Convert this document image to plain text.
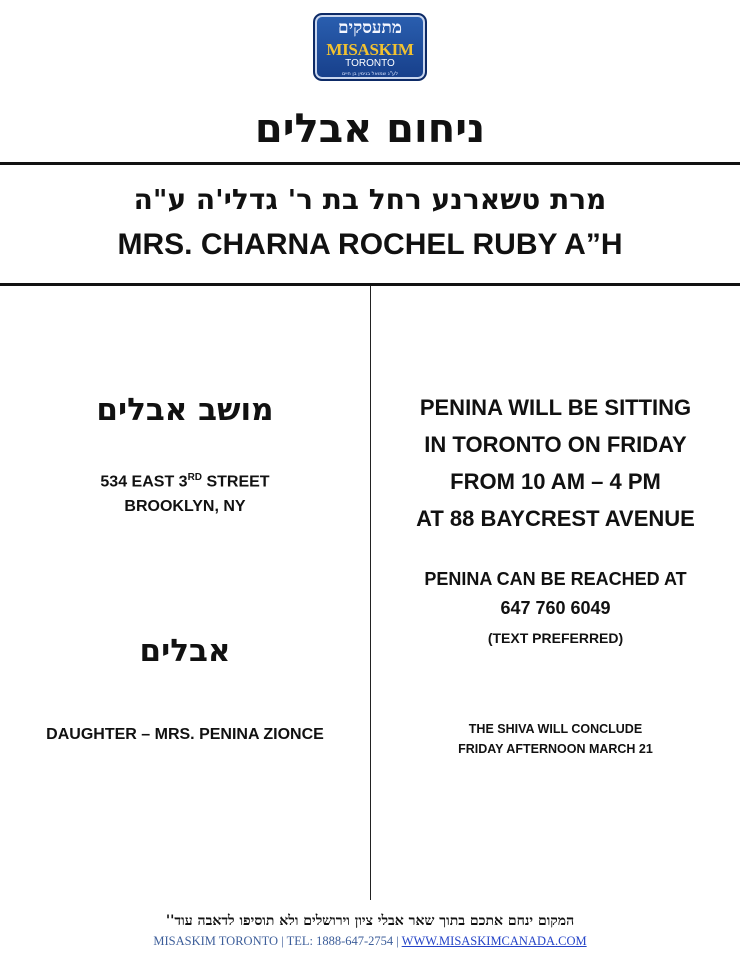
מתעסקים
MISASKIM
TORONTO
לע"נ שמואל בנימין בן חיים
ניחום אבלים
מרת טשארנע רחל בת ר' גדלי'ה ע"ה
MRS. CHARNA ROCHEL RUBY A”H
מושב אבלים
534 EAST 3RD STREET
BROOKLYN, NY
אבלים
DAUGHTER – MRS. PENINA ZIONCE
PENINA WILL BE SITTING
IN TORONTO ON FRIDAY
FROM 10 AM – 4 PM
AT 88 BAYCREST AVENUE
PENINA CAN BE REACHED AT
647 760 6049
(TEXT PREFERRED)
THE SHIVA WILL CONCLUDE
FRIDAY AFTERNOON MARCH 21
המקום ינחם אתכם בתוך שאר אבלי ציון וירושלים ולא תוסיפו לדאבה עוד''
MISASKIM TORONTO | TEL: 1888-647-2754 | WWW.MISASKIMCANADA.COM
